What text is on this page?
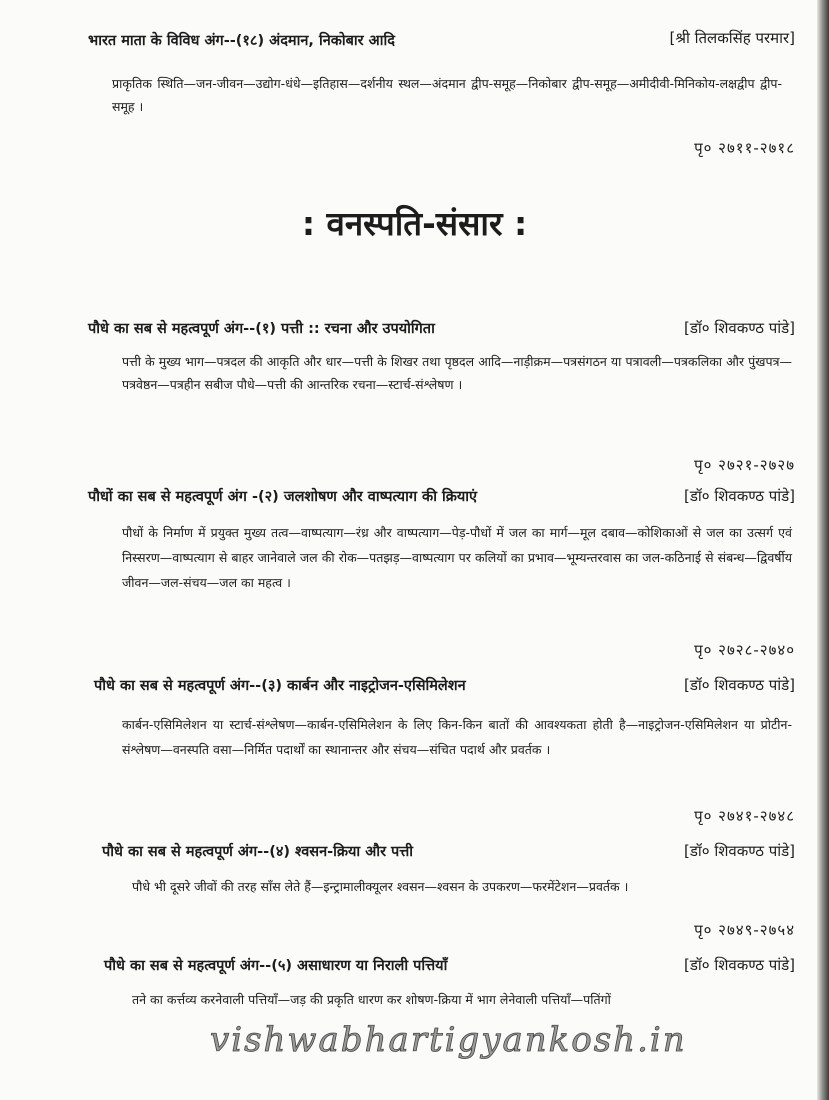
भारत माता के विविध अंग--(१८) अंदमान, निकोबार आदि	[श्री तिलकसिंह परमार]
प्राकृतिक स्थिति—जन-जीवन—उद्योग-धंधे—इतिहास—दर्शनीय स्थल—अंदमान द्वीप-समूह—निकोबार द्वीप-समूह—अमीदीवी-मिनिकोय-लक्षद्वीप द्वीप-समूह ।
पृ० २७११-२७१८
: वनस्पति-संसार :
पौधे का सब से महत्वपूर्ण अंग--(१) पत्ती :: रचना और उपयोगिता	[डॉ० शिवकण्ठ पांडे]
पत्ती के मुख्य भाग—पत्रदल की आकृति और धार—पत्ती के शिखर तथा पृष्ठदल आदि—नाड़ीक्रम—पत्रसंगठन या पत्रावली—पत्रकलिका और पुंखपत्र—पत्रवेष्ठन—पत्रहीन सबीज पौधे—पत्ती की आन्तरिक रचना—स्टार्च-संश्लेषण ।
पृ० २७२१-२७२७
पौधों का सब से महत्वपूर्ण अंग -(२) जलशोषण और वाष्पत्याग की क्रियाएं	[डॉ० शिवकण्ठ पांडे]
पौधों के निर्माण में प्रयुक्त मुख्य तत्व—वाष्पत्याग—रंध्र और वाष्पत्याग—पेड़-पौधों में जल का मार्ग—मूल दबाव—कोशिकाओं से जल का उत्सर्ग एवं निस्सरण—वाष्पत्याग से बाहर जानेवाले जल की रोक—पतझड़—वाष्पत्याग पर कलियों का प्रभाव—भूम्यन्तरवास का जल-कठिनाई से संबन्ध—द्विवर्षीय जीवन—जल-संचय—जल का महत्व ।
पृ० २७२८-२७४०
पौधे का सब से महत्वपूर्ण अंग--(३) कार्बन और नाइट्रोजन-एसिमिलेशन	[डॉ० शिवकण्ठ पांडे]
कार्बन-एसिमिलेशन या स्टार्च-संश्लेषण—कार्बन-एसिमिलेशन के लिए किन-किन बातों की आवश्यकता होती है—नाइट्रोजन-एसिमिलेशन या प्रोटीन-संश्लेषण—वनस्पति वसा—निर्मित पदार्थों का स्थानान्तर और संचय—संचित पदार्थ और प्रवर्तक ।
पृ० २७४१-२७४८
पौधे का सब से महत्वपूर्ण अंग--(४) श्वसन-क्रिया और पत्ती	[डॉ० शिवकण्ठ पांडे]
पौधे भी दूसरे जीवों की तरह साँस लेते हैं—इन्ट्रामालीक्यूलर श्वसन—श्वसन के उपकरण—फरमेंटेशन—प्रवर्तक ।
पृ० २७४९-२७५४
पौधे का सब से महत्वपूर्ण अंग--(५) असाधारण या निराली पत्तियाँ	[डॉ० शिवकण्ठ पांडे]
तने का कर्त्तव्य करनेवाली पत्तियाँ—जड़ की प्रकृति धारण कर शोषण-क्रिया में भाग लेनेवाली पत्तियाँ—पतिंगों
vishwabhartigyankosh.in
